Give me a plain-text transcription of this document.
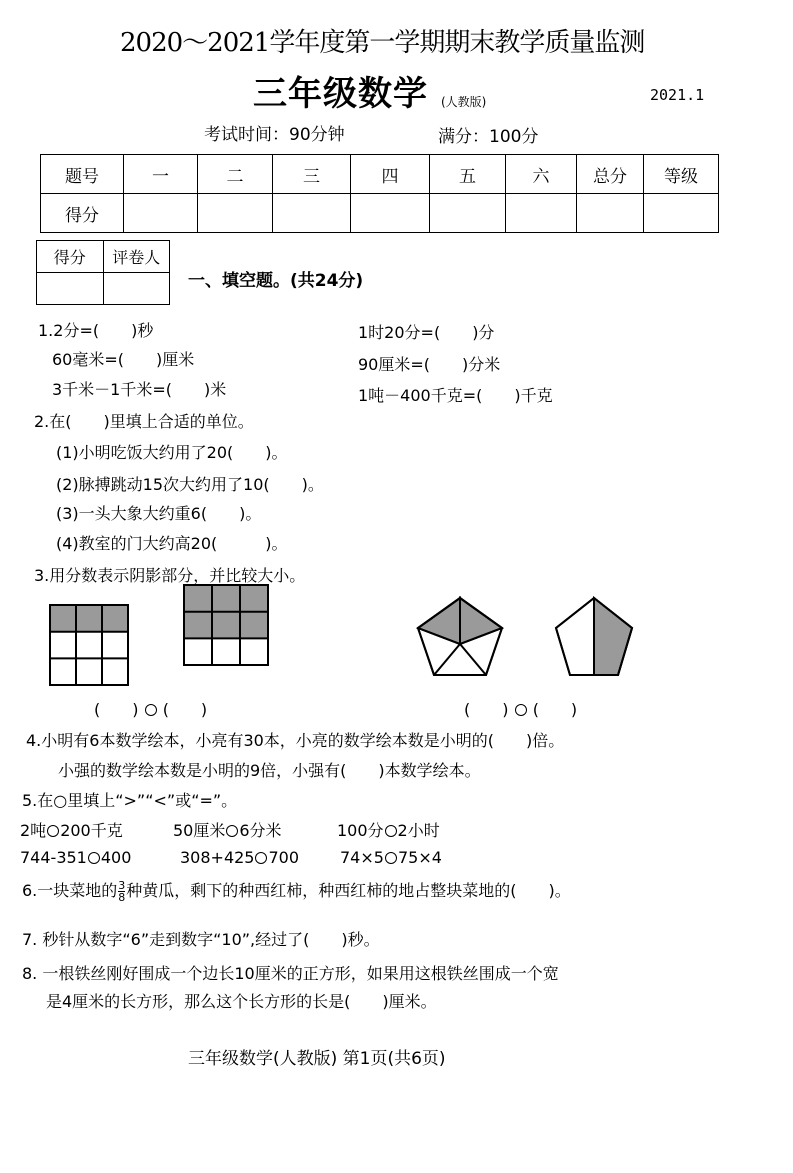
2020～2021学年度第一学期期末教学质量监测
三年级数学 (人教版)	2021.1
考试时间：90分钟	满分：100分
题号	一	二	三	四	五	六	总分	等级
得分								
得分	评卷人

一、填空题。(共24分)
1.2分=(　　)秒
60毫米=(　　)厘米
3千米－1千米=(　　)米
1时20分=(　　)分
90厘米=(　　)分米
1吨－400千克=(　　)千克
2.在(　　)里填上合适的单位。
(1)小明吃饭大约用了20(　　)。
(2)脉搏跳动15次大约用了10(　　)。
(3)一头大象大约重6(　　)。
(4)教室的门大约高20(　　　)。
3.用分数表示阴影部分，并比较大小。
(　　) (　　)	(　　) (　　)
4.小明有6本数学绘本，小亮有30本，小亮的数学绘本数是小明的(　　)倍。
小强的数学绘本数是小明的9倍，小强有(　　)本数学绘本。
5.在○里填上“>”“<”或“=”。
2吨 200千克	50厘米 6分米	100分 2小时
744-351 400	308+425 700	74×5 75×4
6.一块菜地的 $\frac{3}{8}$ 种黄瓜，剩下的种西红柿，种西红柿的地占整块菜地的(　　)。
7. 秒针从数字“6”走到数字“10”,经过了(　　)秒。
8. 一根铁丝刚好围成一个边长10厘米的正方形，如果用这根铁丝围成一个宽
是4厘米的长方形，那么这个长方形的长是(　　)厘米。
三年级数学(人教版) 第1页(共6页)
